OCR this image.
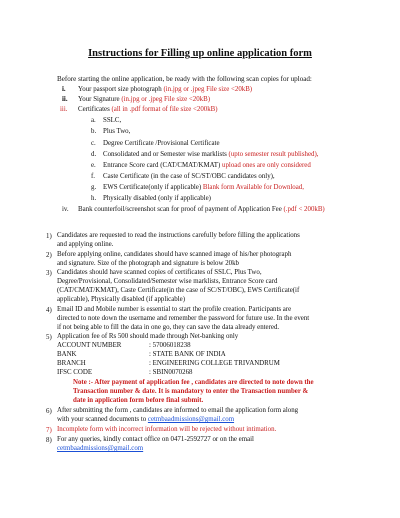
Instructions for Filling up online application form
Before starting the online application, be ready with the following scan copies for upload:
i. Your passport size photograph (in.jpg or .jpeg File size <20kB)
ii. Your Signature (in.jpg or .jpeg File size <20kB)
iii. Certificates (all in .pdf format of file size <200kB)
a. SSLC,
b. Plus Two,
c. Degree Certificate /Provisional Certificate
d. Consolidated and or Semester wise marklists (upto semester result published),
e. Entrance Score card (CAT/CMAT/KMAT) upload ones are only considered
f. Caste Certificate (in the case of SC/ST/OBC candidates only),
g. EWS Certificate(only if applicable) Blank form Available for Download,
h. Physically disabled (only if applicable)
iv. Bank counterfoil/screenshot scan for proof of payment of Application Fee (.pdf < 200kB)
1) Candidates are requested to read the instructions carefully before filling the applications
and applying online.
2) Before applying online, candidates should have scanned image of his/her photograph
and signature. Size of the photograph and signature is below 20kb
3) Candidates should have scanned copies of certificates of SSLC, Plus Two,
Degree/Provisional, Consolidated/Semester wise marklists, Entrance Score card
(CAT/CMAT/KMAT), Caste Certificate(in the case of SC/ST/OBC), EWS Certificate(if
applicable), Physically disabled (if applicable)
4) Email ID and Mobile number is essential to start the profile creation. Participants are
directed to note down the username and remember the password for future use. In the event
if not being able to fill the data in one go, they can save the data already entered.
5) Application fee of Rs 500 should made through Net-banking only
ACCOUNT NUMBER	: 57006018238
BANK	: STATE BANK OF INDIA
BRANCH	: ENGINEERING COLLEGE TRIVANDRUM
IFSC CODE	: SBIN0070268
Note :- After payment of application fee , candidates are directed to note down the
Transaction number & date. It is mandatory to enter the Transaction number &
date in application form before final submit.
6) After submitting the form , candidates are informed to email the application form along
with your scanned documents to cetmbaadmissions@gmail.com
7) Incomplete form with incorrect information will be rejected without intimation.
8) For any queries, kindly contact office on 0471-2592727 or on the email
cetmbaadmissions@gmail.com
